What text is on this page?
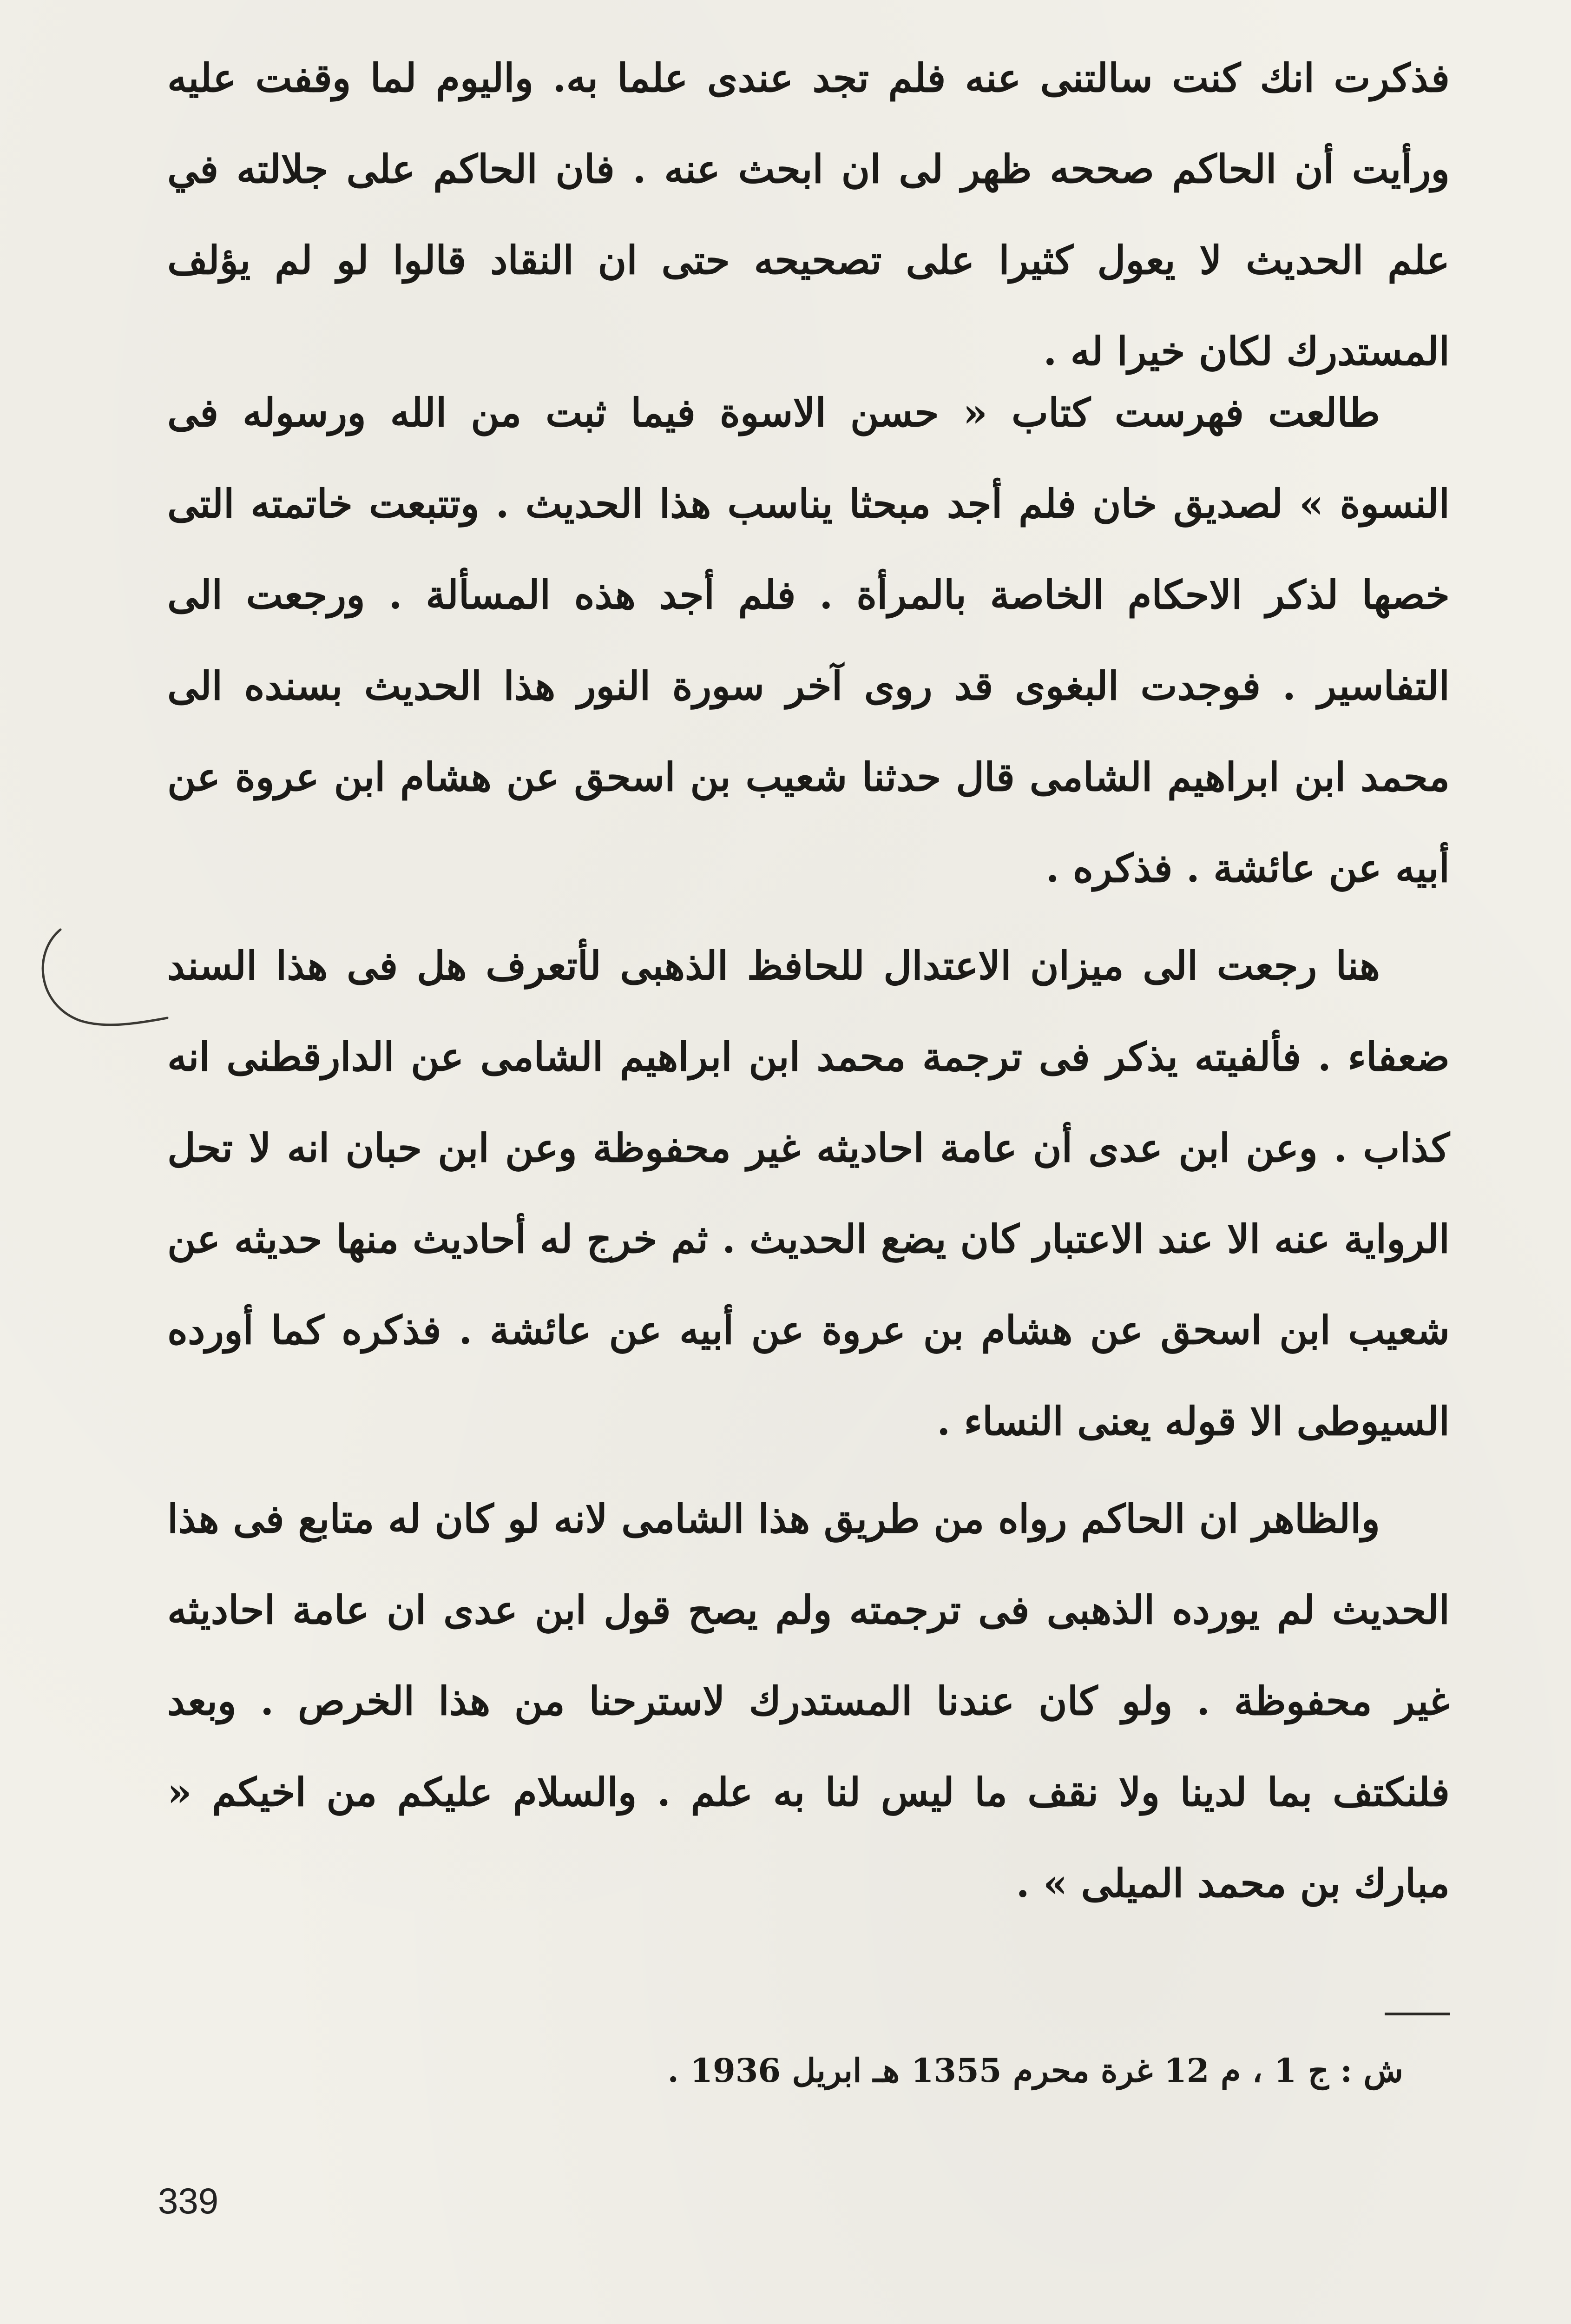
فذكرت انك كنت سالتنى عنه فلم تجد عندى علما به. واليوم لما وقفت عليه ورأيت أن الحاكم صححه ظهر لى ان ابحث عنه . فان الحاكم على جلالته في علم الحديث لا يعول كثيرا على تصحيحه حتى ان النقاد قالوا لو لم يؤلف المستدرك لكان خيرا له .

طالعت فهرست كتاب « حسن الاسوة فيما ثبت من الله ورسوله فى النسوة » لصديق خان فلم أجد مبحثا يناسب هذا الحديث . وتتبعت خاتمته التى خصها لذكر الاحكام الخاصة بالمرأة . فلم أجد هذه المسألة . ورجعت الى التفاسير . فوجدت البغوى قد روى آخر سورة النور هذا الحديث بسنده الى محمد ابن ابراهيم الشامى قال حدثنا شعيب بن اسحق عن هشام ابن عروة عن أبيه عن عائشة . فذكره .

هنا رجعت الى ميزان الاعتدال للحافظ الذهبى لأتعرف هل فى هذا السند ضعفاء . فألفيته يذكر فى ترجمة محمد ابن ابراهيم الشامى عن الدارقطنى انه كذاب . وعن ابن عدى أن عامة احاديثه غير محفوظة وعن ابن حبان انه لا تحل الرواية عنه الا عند الاعتبار كان يضع الحديث . ثم خرج له أحاديث منها حديثه عن شعيب ابن اسحق عن هشام بن عروة عن أبيه عن عائشة . فذكره كما أورده السيوطى الا قوله يعنى النساء .

والظاهر ان الحاكم رواه من طريق هذا الشامى لانه لو كان له متابع فى هذا الحديث لم يورده الذهبى فى ترجمته ولم يصح قول ابن عدى ان عامة احاديثه غير محفوظة . ولو كان عندنا المستدرك لاسترحنا من هذا الخرص . وبعد فلنكتف بما لدينا ولا نقف ما ليس لنا به علم . والسلام عليكم من اخيكم « مبارك بن محمد الميلى » .

ش : ج 1 ، م 12 غرة محرم 1355 هـ ابريل 1936 .
339
